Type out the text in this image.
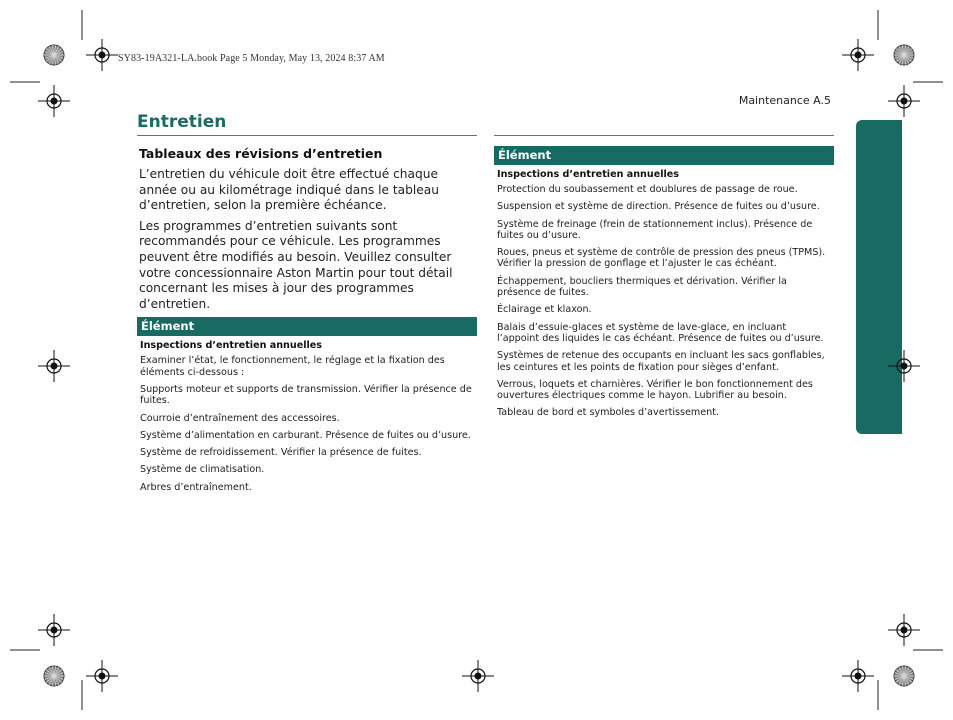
SY83-19A321-LA.book Page 5 Monday, May 13, 2024 8:37 AM
Maintenance A.5
Entretien
Tableaux des révisions d’entretien

L’entretien du véhicule doit être effectué chaque année ou au kilométrage indiqué dans le tableau d’entretien, selon la première échéance.

Les programmes d’entretien suivants sont recommandés pour ce véhicule. Les programmes peuvent être modifiés au besoin. Veuillez consulter votre concessionnaire Aston Martin pour tout détail concernant les mises à jour des programmes d’entretien.

Élément
Inspections d’entretien annuelles
Examiner l’état, le fonctionnement, le réglage et la fixation des éléments ci-dessous :
Supports moteur et supports de transmission. Vérifier la présence de fuites.
Courroie d’entraînement des accessoires.
Système d’alimentation en carburant. Présence de fuites ou d’usure.
Système de refroidissement. Vérifier la présence de fuites.
Système de climatisation.
Arbres d’entraînement.
Élément
Inspections d’entretien annuelles
Protection du soubassement et doublures de passage de roue.
Suspension et système de direction. Présence de fuites ou d’usure.
Système de freinage (frein de stationnement inclus). Présence de fuites ou d’usure.
Roues, pneus et système de contrôle de pression des pneus (TPMS). Vérifier la pression de gonflage et l’ajuster le cas échéant.
Échappement, boucliers thermiques et dérivation. Vérifier la présence de fuites.
Éclairage et klaxon.
Balais d’essuie-glaces et système de lave-glace, en incluant l’appoint des liquides le cas échéant. Présence de fuites ou d’usure.
Systèmes de retenue des occupants en incluant les sacs gonflables, les ceintures et les points de fixation pour sièges d’enfant.
Verrous, loquets et charnières. Vérifier le bon fonctionnement des ouvertures électriques comme le hayon. Lubrifier au besoin.
Tableau de bord et symboles d’avertissement.
